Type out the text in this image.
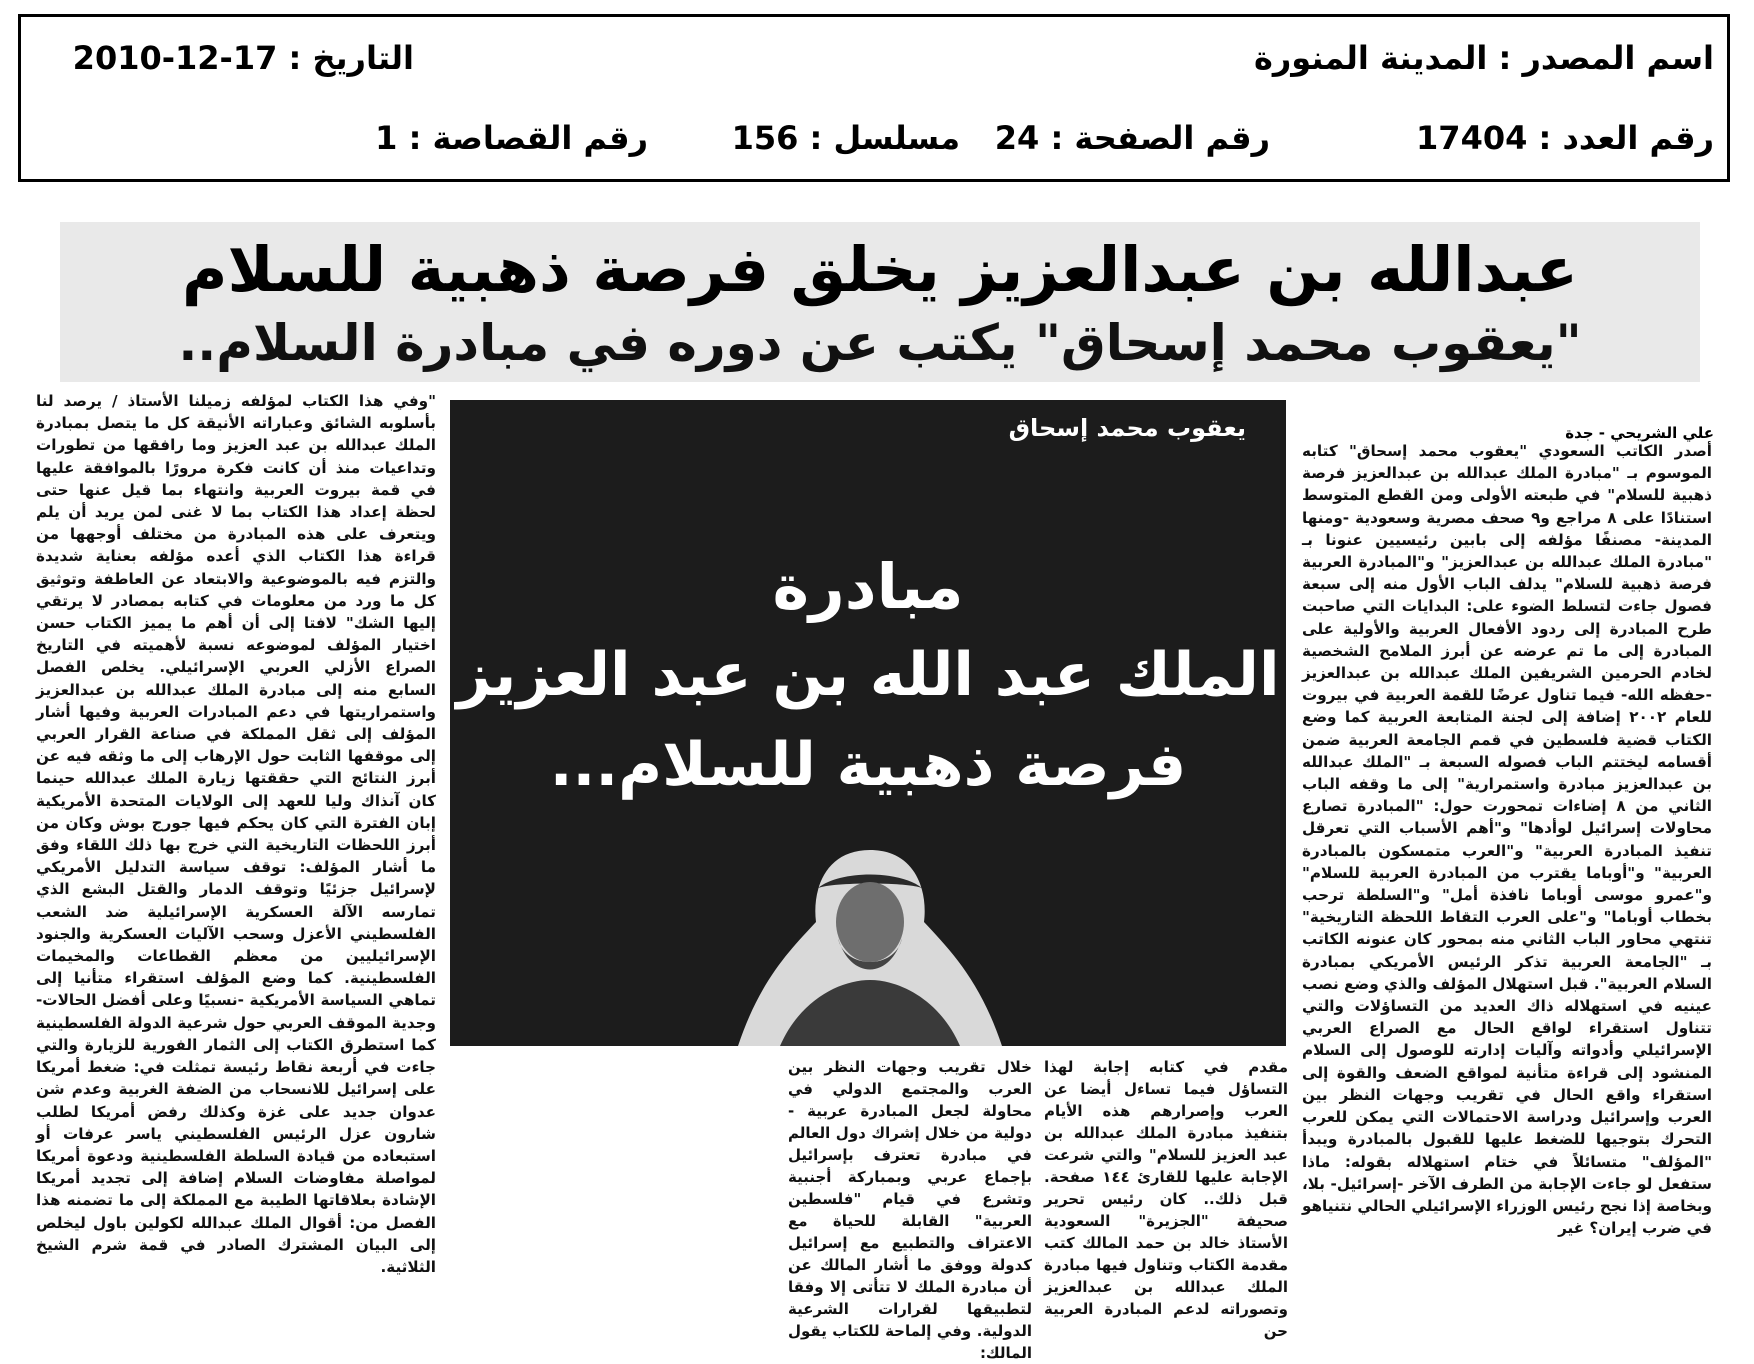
اسم المصدر : المدينة المنورة
التاريخ : 17-12-2010
رقم العدد : 17404
رقم الصفحة : 24
مسلسل : 156
رقم القصاصة : 1
عبدالله بن عبدالعزيز يخلق فرصة ذهبية للسلام
"يعقوب محمد إسحاق" يكتب عن دوره في مبادرة السلام..
علي الشريحي - جدة

أصدر الكاتب السعودي "يعقوب محمد إسحاق" كتابه الموسوم بـ "مبادرة الملك عبدالله بن عبدالعزيز فرصة ذهبية للسلام" في طبعته الأولى ومن القطع المتوسط استنادًا على ٨ مراجع و٩ صحف مصرية وسعودية -ومنها المدينة- مصنفًا مؤلفه إلى بابين رئيسيين عنونا بـ "مبادرة الملك عبدالله بن عبدالعزيز" و"المبادرة العربية فرصة ذهبية للسلام" يدلف الباب الأول منه إلى سبعة فصول جاءت لتسلط الضوء على: البدايات التي صاحبت طرح المبادرة إلى ردود الأفعال العربية والأولية على المبادرة إلى ما تم عرضه عن أبرز الملامح الشخصية لخادم الحرمين الشريفين الملك عبدالله بن عبدالعزيز -حفظه الله- فيما تناول عرضًا للقمة العربية في بيروت للعام ٢٠٠٢ إضافة إلى لجنة المتابعة العربية كما وضع الكتاب قضية فلسطين في قمم الجامعة العربية ضمن أقسامه ليختتم الباب فصوله السبعة بـ "الملك عبدالله بن عبدالعزيز مبادرة واستمرارية" إلى ما وقفه الباب الثاني من ٨ إضاءات تمحورت حول: "المبادرة تصارع محاولات إسرائيل لوأدها" و"أهم الأسباب التي تعرقل تنفيذ المبادرة العربية" و"العرب متمسكون بالمبادرة العربية" و"أوباما يقترب من المبادرة العربية للسلام" و"عمرو موسى أوباما نافذة أمل" و"السلطة ترحب بخطاب أوباما" و"على العرب التقاط اللحظة التاريخية" تنتهي محاور الباب الثاني منه بمحور كان عنونه الكاتب بـ "الجامعة العربية تذكر الرئيس الأمريكي بمبادرة السلام العربية". قبل استهلال المؤلف والذي وضع نصب عينيه في استهلاله ذاك العديد من التساؤلات والتي تتناول استقراء لواقع الحال مع الصراع العربي الإسرائيلي وأدواته وآليات إدارته للوصول إلى السلام المنشود إلى قراءة متأنية لمواقع الضعف والقوة إلى استقراء واقع الحال في تقريب وجهات النظر بين العرب وإسرائيل ودراسة الاحتمالات التي يمكن للعرب التحرك بتوجيها للضغط عليها للقبول بالمبادرة ويبدأ "المؤلف" متسائلاً في ختام استهلاله بقوله: ماذا ستفعل لو جاءت الإجابة من الطرف الآخر -إسرائيل- بلا، وبخاصة إذا نجح رئيس الوزراء الإسرائيلي الحالي نتنياهو في ضرب إيران؟ غير

يعقوب محمد إسحاق
مبادرة
الملك عبد الله بن عبد العزيز
فرصة ذهبية للسلام...
مقدم في كتابه إجابة لهذا التساؤل فيما تساءل أيضا عن العرب وإصرارهم هذه الأيام بتنفيذ مبادرة الملك عبدالله بن عبد العزيز للسلام" والتي شرعت الإجابة عليها للقارئ ١٤٤ صفحة. قبل ذلك.. كان رئيس تحرير صحيفة "الجزيرة" السعودية الأستاذ خالد بن حمد المالك كتب مقدمة الكتاب وتناول فيها مبادرة الملك عبدالله بن عبدالعزيز وتصوراته لدعم المبادرة العربية حن
خلال تقريب وجهات النظر بين العرب والمجتمع الدولي في محاولة لجعل المبادرة عربية - دولية من خلال إشراك دول العالم في مبادرة تعترف بإسرائيل بإجماع عربي وبمباركة أجنبية وتشرع في قيام "فلسطين العربية" القابلة للحياة مع الاعتراف والتطبيع مع إسرائيل كدولة ووفق ما أشار المالك عن أن مبادرة الملك لا تتأتى إلا وفقا لتطبيقها لقرارات الشرعية الدولية. وفي إلماحة للكتاب يقول المالك:

"وفي هذا الكتاب لمؤلفه زميلنا الأستاذ / يرصد لنا بأسلوبه الشائق وعباراته الأنيقة كل ما يتصل بمبادرة الملك عبدالله بن عبد العزيز وما رافقها من تطورات وتداعيات منذ أن كانت فكرة مرورًا بالموافقة عليها في قمة بيروت العربية وانتهاء بما قيل عنها حتى لحظة إعداد هذا الكتاب بما لا غنى لمن يريد أن يلم ويتعرف على هذه المبادرة من مختلف أوجهها من قراءة هذا الكتاب الذي أعده مؤلفه بعناية شديدة والتزم فيه بالموضوعية والابتعاد عن العاطفة وتوثيق كل ما ورد من معلومات في كتابه بمصادر لا يرتقي إليها الشك" لافتا إلى أن أهم ما يميز الكتاب حسن اختيار المؤلف لموضوعه نسبة لأهميته في التاريخ الصراع الأزلي العربي الإسرائيلي. يخلص الفصل السابع منه إلى مبادرة الملك عبدالله بن عبدالعزيز واستمراريتها في دعم المبادرات العربية وفيها أشار المؤلف إلى ثقل المملكة في صناعة القرار العربي إلى موقفها الثابت حول الإرهاب إلى ما وثقه فيه عن أبرز النتائج التي حققتها زيارة الملك عبدالله حينما كان آنذاك وليا للعهد إلى الولايات المتحدة الأمريكية إبان الفترة التي كان يحكم فيها جورج بوش وكان من أبرز اللحظات التاريخية التي خرج بها ذلك اللقاء وفق ما أشار المؤلف: توقف سياسة التدليل الأمريكي لإسرائيل جزئيًا وتوقف الدمار والقتل البشع الذي تمارسه الآلة العسكرية الإسرائيلية ضد الشعب الفلسطيني الأعزل وسحب الآليات العسكرية والجنود الإسرائيليين من معظم القطاعات والمخيمات الفلسطينية. كما وضع المؤلف استقراء متأنيا إلى تماهي السياسة الأمريكية -نسبيًا وعلى أفضل الحالات- وجدية الموقف العربي حول شرعية الدولة الفلسطينية كما استطرق الكتاب إلى الثمار الفورية للزيارة والتي جاءت في أربعة نقاط رئيسة تمثلت في: ضغط أمريكا على إسرائيل للانسحاب من الضفة الغربية وعدم شن عدوان جديد على غزة وكذلك رفض أمريكا لطلب شارون عزل الرئيس الفلسطيني ياسر عرفات أو استبعاده من قيادة السلطة الفلسطينية ودعوة أمريكا لمواصلة مفاوضات السلام إضافة إلى تجديد أمريكا الإشادة بعلاقاتها الطيبة مع المملكة إلى ما تضمنه هذا الفصل من: أقوال الملك عبدالله لكولين باول ليخلص إلى البيان المشترك الصادر في قمة شرم الشيخ الثلاثية.
